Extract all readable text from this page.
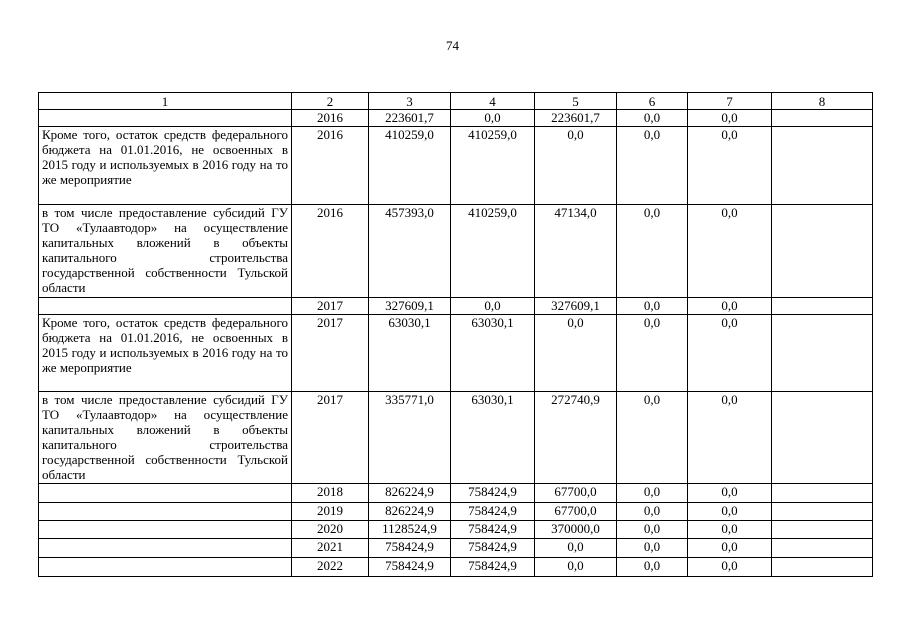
74
1	2	3	4	5	6	7	8
	2016	223601,7	0,0	223601,7	0,0	0,0	
Кроме того, остаток средств федерального бюджета на 01.01.2016, не освоенных в 2015 году и используемых в 2016 году на то же мероприятие	2016	410259,0	410259,0	0,0	0,0	0,0	
в том числе предоставление субсидий ГУ ТО «Тулаавтодор» на осуществление капитальных вложений в объекты капитального строительства государственной собственности Тульской области	2016	457393,0	410259,0	47134,0	0,0	0,0	
	2017	327609,1	0,0	327609,1	0,0	0,0	
Кроме того, остаток средств федерального бюджета на 01.01.2016, не освоенных в 2015 году и используемых в 2016 году на то же мероприятие	2017	63030,1	63030,1	0,0	0,0	0,0	
в том числе предоставление субсидий ГУ ТО «Тулаавтодор» на осуществление капитальных вложений в объекты капитального строительства государственной собственности Тульской области	2017	335771,0	63030,1	272740,9	0,0	0,0	
	2018	826224,9	758424,9	67700,0	0,0	0,0	
	2019	826224,9	758424,9	67700,0	0,0	0,0	
	2020	1128524,9	758424,9	370000,0	0,0	0,0	
	2021	758424,9	758424,9	0,0	0,0	0,0	
	2022	758424,9	758424,9	0,0	0,0	0,0	
